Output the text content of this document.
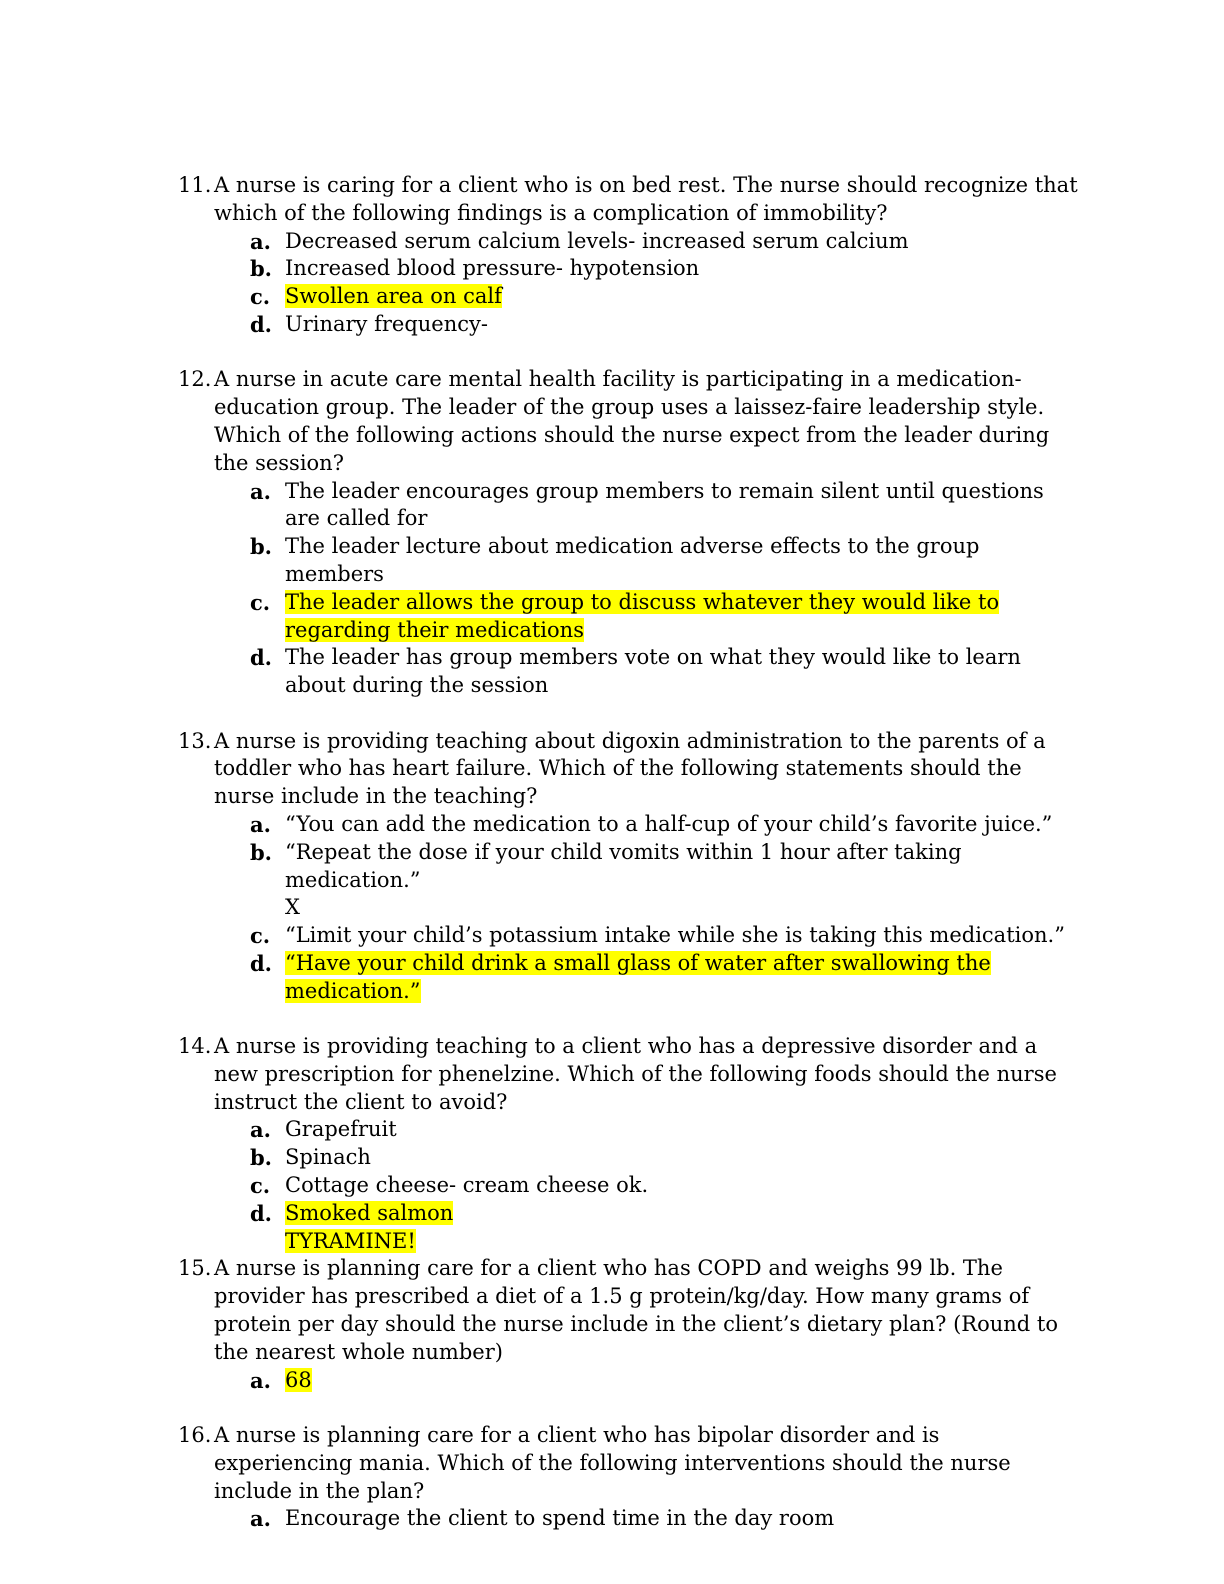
11. A nurse is caring for a client who is on bed rest. The nurse should recognize that which of the following findings is a complication of immobility?
a. Decreased serum calcium levels- increased serum calcium
b. Increased blood pressure- hypotension
c. Swollen area on calf
d. Urinary frequency-
12. A nurse in acute care mental health facility is participating in a medication-education group. The leader of the group uses a laissez-faire leadership style. Which of the following actions should the nurse expect from the leader during the session?
a. The leader encourages group members to remain silent until questions are called for
b. The leader lecture about medication adverse effects to the group members
c. The leader allows the group to discuss whatever they would like to regarding their medications
d. The leader has group members vote on what they would like to learn about during the session
13. A nurse is providing teaching about digoxin administration to the parents of a toddler who has heart failure. Which of the following statements should the nurse include in the teaching?
a. “You can add the medication to a half-cup of your child’s favorite juice.”
b. “Repeat the dose if your child vomits within 1 hour after taking medication.”
X
c. “Limit your child’s potassium intake while she is taking this medication.”
d. “Have your child drink a small glass of water after swallowing the medication.”
14. A nurse is providing teaching to a client who has a depressive disorder and a new prescription for phenelzine. Which of the following foods should the nurse instruct the client to avoid?
a. Grapefruit
b. Spinach
c. Cottage cheese- cream cheese ok.
d. Smoked salmon
TYRAMINE!
15. A nurse is planning care for a client who has COPD and weighs 99 lb. The provider has prescribed a diet of a 1.5 g protein/kg/day. How many grams of protein per day should the nurse include in the client’s dietary plan? (Round to the nearest whole number)
a. 68
16. A nurse is planning care for a client who has bipolar disorder and is experiencing mania. Which of the following interventions should the nurse include in the plan?
a. Encourage the client to spend time in the day room
